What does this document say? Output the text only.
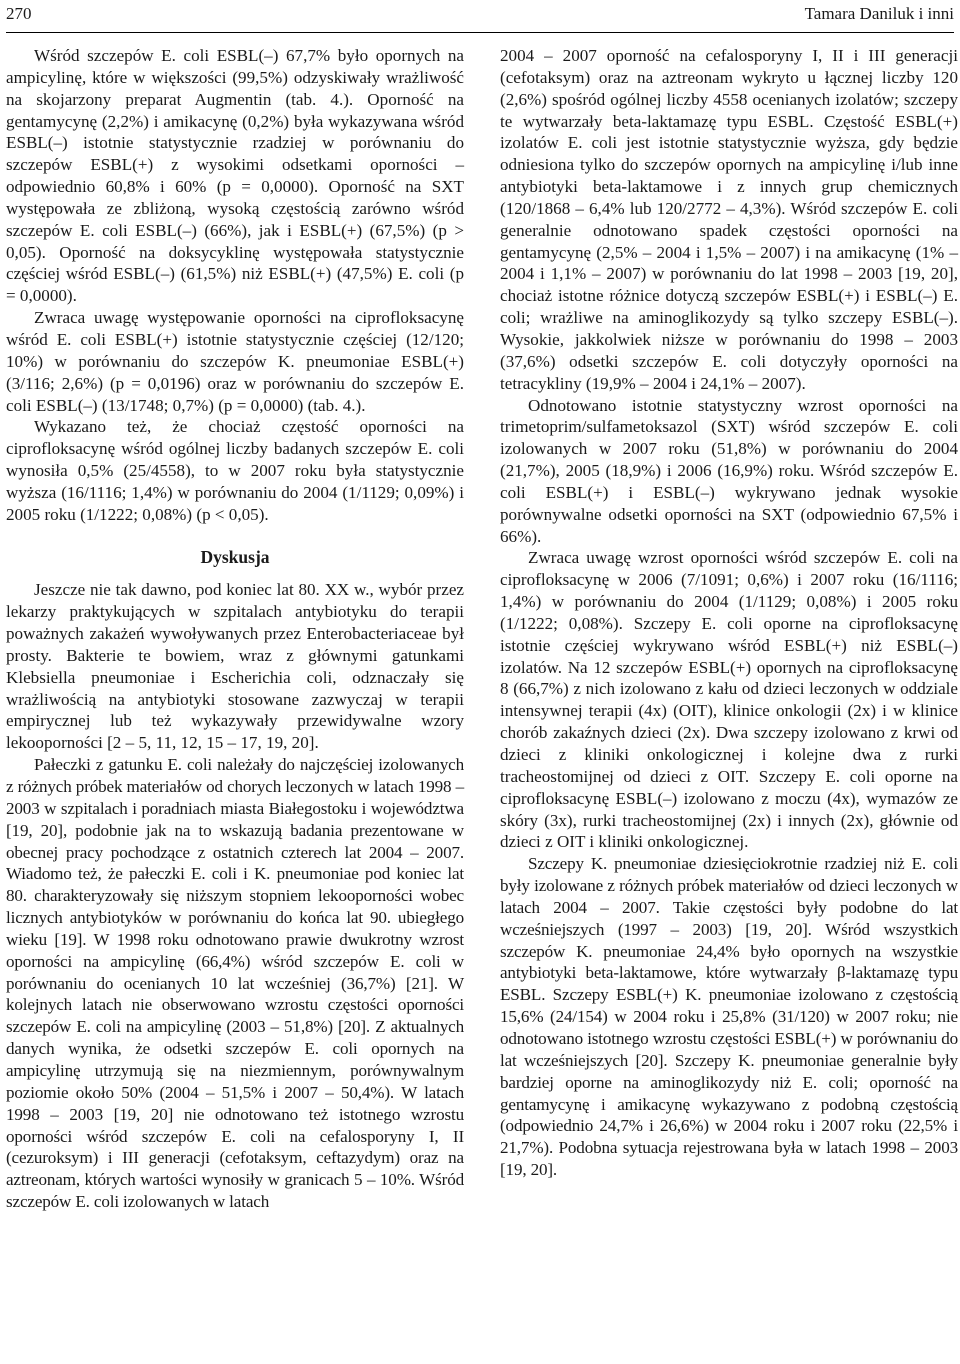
270	Tamara Daniluk i inni

Wśród szczepów E. coli ESBL(–) 67,7% było opornych na ampicylinę, które w większości (99,5%) odzyskiwały wrażliwość na skojarzony preparat Augmentin (tab. 4.). Oporność na gentamycynę (2,2%) i amikacynę (0,2%) była wykazywana wśród ESBL(–) istotnie statystycznie rzadziej w porównaniu do szczepów ESBL(+) z wysokimi odsetkami oporności – odpowiednio 60,8% i 60% (p = 0,0000). Oporność na SXT występowała ze zbliżoną, wysoką częstością zarówno wśród szczepów E. coli ESBL(–) (66%), jak i ESBL(+) (67,5%) (p > 0,05). Oporność na doksycyklinę występowała statystycznie częściej wśród ESBL(–) (61,5%) niż ESBL(+) (47,5%) E. coli (p = 0,0000).

Zwraca uwagę występowanie oporności na ciprofloksacynę wśród E. coli ESBL(+) istotnie statystycznie częściej (12/120; 10%) w porównaniu do szczepów K. pneumoniae ESBL(+) (3/116; 2,6%) (p = 0,0196) oraz w porównaniu do szczepów E. coli ESBL(–) (13/1748; 0,7%) (p = 0,0000) (tab. 4.).

Wykazano też, że chociaż częstość oporności na ciprofloksacynę wśród ogólnej liczby badanych szczepów E. coli wynosiła 0,5% (25/4558), to w 2007 roku była statystycznie wyższa (16/1116; 1,4%) w porównaniu do 2004 (1/1129; 0,09%) i 2005 roku (1/1222; 0,08%) (p < 0,05).

Dyskusja

Jeszcze nie tak dawno, pod koniec lat 80. XX w., wybór przez lekarzy praktykujących w szpitalach antybiotyku do terapii poważnych zakażeń wywoływanych przez Enterobacteriaceae był prosty. Bakterie te bowiem, wraz z głównymi gatunkami Klebsiella pneumoniae i Escherichia coli, odznaczały się wrażliwością na antybiotyki stosowane zazwyczaj w terapii empirycznej lub też wykazywały przewidywalne wzory lekooporności [2 – 5, 11, 12, 15 – 17, 19, 20].

Pałeczki z gatunku E. coli należały do najczęściej izolowanych z różnych próbek materiałów od chorych leczonych w latach 1998 – 2003 w szpitalach i poradniach miasta Białegostoku i województwa [19, 20], podobnie jak na to wskazują badania prezentowane w obecnej pracy pochodzące z ostatnich czterech lat 2004 – 2007. Wiadomo też, że pałeczki E. coli i K. pneumoniae pod koniec lat 80. charakteryzowały się niższym stopniem lekooporności wobec licznych antybiotyków w porównaniu do końca lat 90. ubiegłego wieku [19]. W 1998 roku odnotowano prawie dwukrotny wzrost oporności na ampicylinę (66,4%) wśród szczepów E. coli w porównaniu do ocenianych 10 lat wcześniej (36,7%) [21]. W kolejnych latach nie obserwowano wzrostu częstości oporności szczepów E. coli na ampicylinę (2003 – 51,8%) [20]. Z aktualnych danych wynika, że odsetki szczepów E. coli opornych na ampicylinę utrzymują się na niezmiennym, porównywalnym poziomie około 50% (2004 – 51,5% i 2007 – 50,4%). W latach 1998 – 2003 [19, 20] nie odnotowano też istotnego wzrostu oporności wśród szczepów E. coli na cefalosporyny I, II (cezuroksym) i III generacji (cefotaksym, ceftazydym) oraz na aztreonam, których wartości wynosiły w granicach 5 – 10%. Wśród szczepów E. coli izolowanych w latach

2004 – 2007 oporność na cefalosporyny I, II i III generacji (cefotaksym) oraz na aztreonam wykryto u łącznej liczby 120 (2,6%) spośród ogólnej liczby 4558 ocenianych izolatów; szczepy te wytwarzały beta-laktamazę typu ESBL. Częstość ESBL(+) izolatów E. coli jest istotnie statystycznie wyższa, gdy będzie odniesiona tylko do szczepów opornych na ampicylinę i/lub inne antybiotyki beta-laktamowe i z innych grup chemicznych (120/1868 – 6,4% lub 120/2772 – 4,3%). Wśród szczepów E. coli generalnie odnotowano spadek częstości oporności na gentamycynę (2,5% – 2004 i 1,5% – 2007) i na amikacynę (1% – 2004 i 1,1% – 2007) w porównaniu do lat 1998 – 2003 [19, 20], chociaż istotne różnice dotyczą szczepów ESBL(+) i ESBL(–) E. coli; wrażliwe na aminoglikozydy są tylko szczepy ESBL(–). Wysokie, jakkolwiek niższe w porównaniu do 1998 – 2003 (37,6%) odsetki szczepów E. coli dotyczyły oporności na tetracykliny (19,9% – 2004 i 24,1% – 2007).

Odnotowano istotnie statystyczny wzrost oporności na trimetoprim/sulfametoksazol (SXT) wśród szczepów E. coli izolowanych w 2007 roku (51,8%) w porównaniu do 2004 (21,7%), 2005 (18,9%) i 2006 (16,9%) roku. Wśród szczepów E. coli ESBL(+) i ESBL(–) wykrywano jednak wysokie porównywalne odsetki oporności na SXT (odpowiednio 67,5% i 66%).

Zwraca uwagę wzrost oporności wśród szczepów E. coli na ciprofloksacynę w 2006 (7/1091; 0,6%) i 2007 roku (16/1116; 1,4%) w porównaniu do 2004 (1/1129; 0,08%) i 2005 roku (1/1222; 0,08%). Szczepy E. coli oporne na ciprofloksacynę istotnie częściej wykrywano wśród ESBL(+) niż ESBL(–) izolatów. Na 12 szczepów ESBL(+) opornych na ciprofloksacynę 8 (66,7%) z nich izolowano z kału od dzieci leczonych w oddziale intensywnej terapii (4x) (OIT), klinice onkologii (2x) i w klinice chorób zakaźnych dzieci (2x). Dwa szczepy izolowano z krwi od dzieci z kliniki onkologicznej i kolejne dwa z rurki tracheostomijnej od dzieci z OIT. Szczepy E. coli oporne na ciprofloksacynę ESBL(–) izolowano z moczu (4x), wymazów ze skóry (3x), rurki tracheostomijnej (2x) i innych (2x), głównie od dzieci z OIT i kliniki onkologicznej.

Szczepy K. pneumoniae dziesięciokrotnie rzadziej niż E. coli były izolowane z różnych próbek materiałów od dzieci leczonych w latach 2004 – 2007. Takie częstości były podobne do lat wcześniejszych (1997 – 2003) [19, 20]. Wśród wszystkich szczepów K. pneumoniae 24,4% było opornych na wszystkie antybiotyki beta-laktamowe, które wytwarzały β-laktamazę typu ESBL. Szczepy ESBL(+) K. pneumoniae izolowano z częstością 15,6% (24/154) w 2004 roku i 25,8% (31/120) w 2007 roku; nie odnotowano istotnego wzrostu częstości ESBL(+) w porównaniu do lat wcześniejszych [20]. Szczepy K. pneumoniae generalnie były bardziej oporne na aminoglikozydy niż E. coli; oporność na gentamycynę i amikacynę wykazywano z podobną częstością (odpowiednio 24,7% i 26,6%) w 2004 roku i 2007 roku (22,5% i 21,7%). Podobna sytuacja rejestrowana była w latach 1998 – 2003 [19, 20].
